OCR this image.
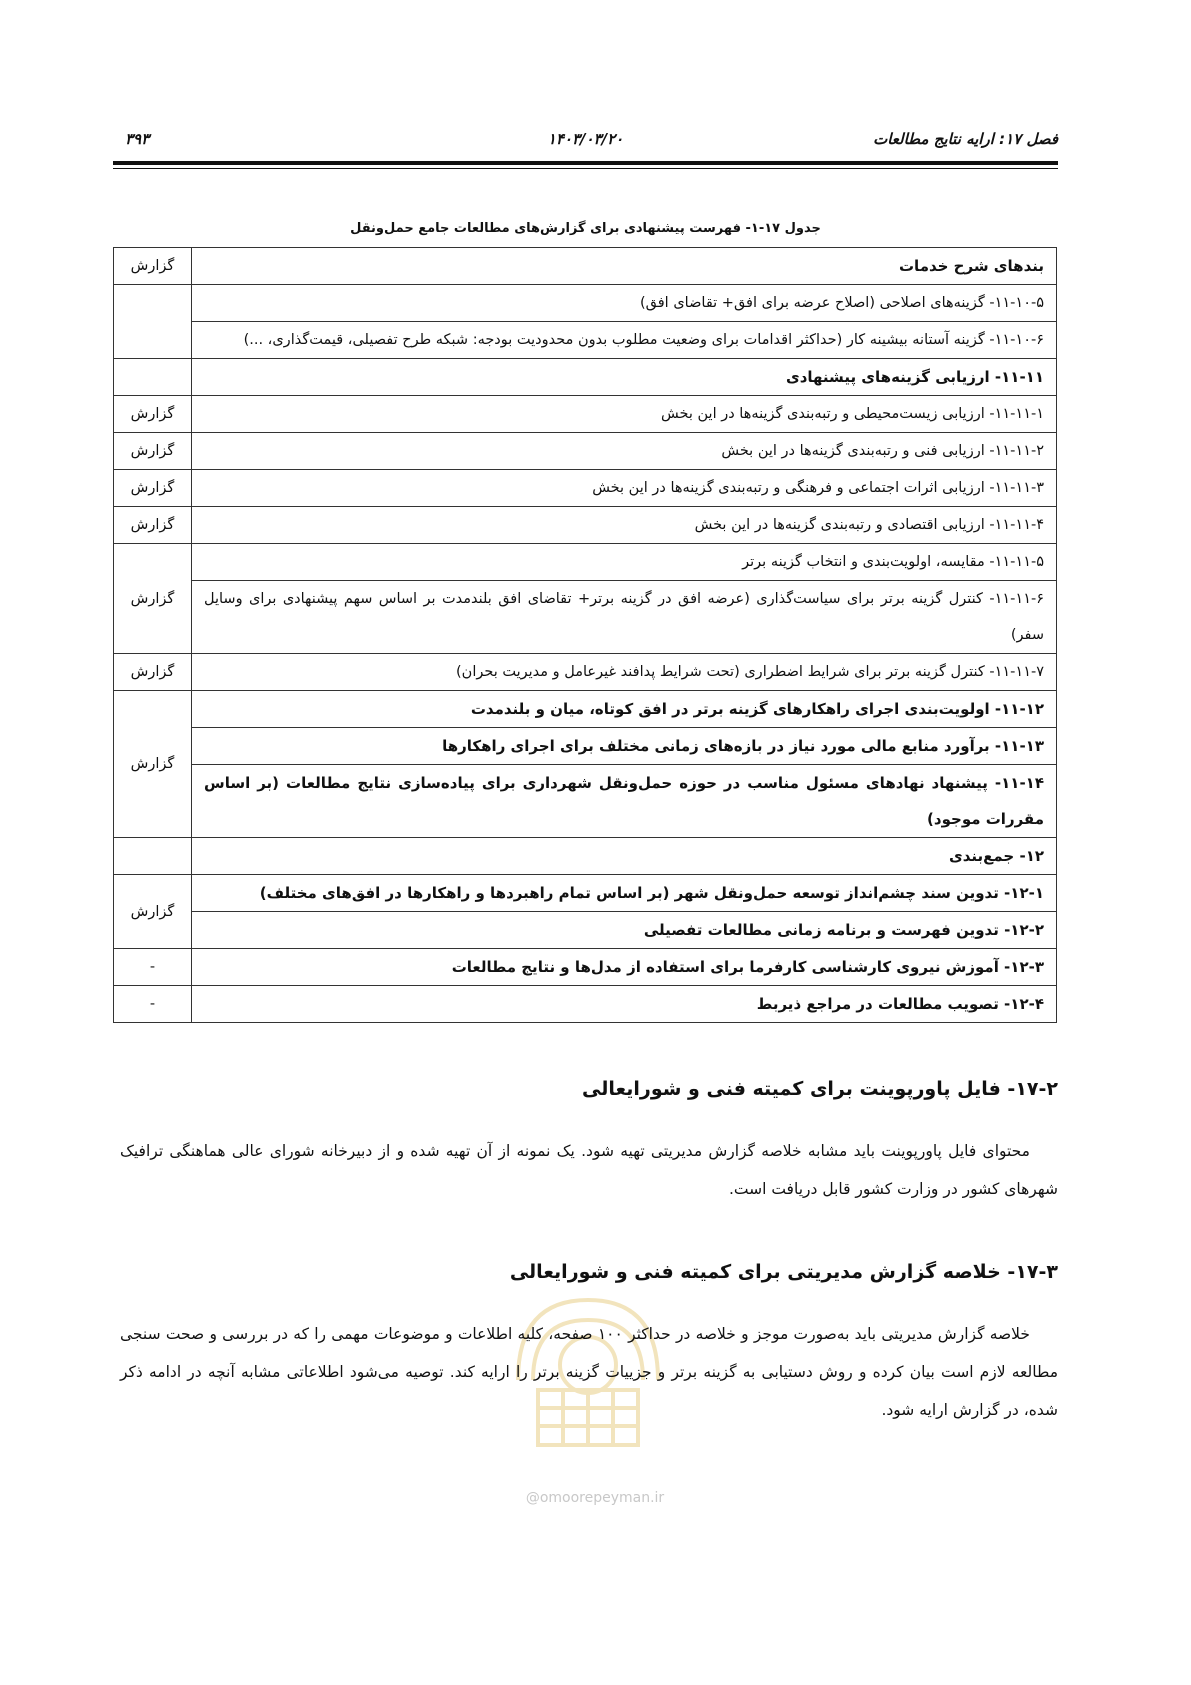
فصل ۱۷: ارایه نتایج مطالعات
۱۴۰۳/۰۳/۲۰
۳۹۳
جدول ۱۷-۱- فهرست پیشنهادی برای گزارش‌های مطالعات جامع حمل‌ونقل
بندهای شرح خدمات	گزارش
۱۱-۱۰-۵- گزینه‌های اصلاحی (اصلاح عرضه برای افق+ تقاضای افق)	
۱۱-۱۰-۶- گزینه آستانه بیشینه کار (حداکثر اقدامات برای وضعیت مطلوب بدون محدودیت بودجه: شبکه طرح تفصیلی، قیمت‌گذاری، ...)	
۱۱-۱۱- ارزیابی گزینه‌های پیشنهادی	
۱۱-۱۱-۱- ارزیابی زیست‌محیطی و رتبه‌بندی گزینه‌ها در این بخش	گزارش
۱۱-۱۱-۲- ارزیابی فنی و رتبه‌بندی گزینه‌ها در این بخش	گزارش
۱۱-۱۱-۳- ارزیابی اثرات اجتماعی و فرهنگی و رتبه‌بندی گزینه‌ها در این بخش	گزارش
۱۱-۱۱-۴- ارزیابی اقتصادی و رتبه‌بندی گزینه‌ها در این بخش	گزارش
۱۱-۱۱-۵- مقایسه، اولویت‌بندی و انتخاب گزینه برتر	گزارش
۱۱-۱۱-۶- کنترل گزینه برتر برای سیاست‌گذاری (عرضه افق در گزینه برتر+ تقاضای افق بلندمدت بر اساس سهم پیشنهادی برای وسایل سفر)	
۱۱-۱۱-۷- کنترل گزینه برتر برای شرایط اضطراری (تحت شرایط پدافند غیرعامل و مدیریت بحران)	گزارش
۱۱-۱۲- اولویت‌بندی اجرای راهکارهای گزینه برتر در افق کوتاه، میان و بلندمدت	گزارش
۱۱-۱۳- برآورد منابع مالی مورد نیاز در بازه‌های زمانی مختلف برای اجرای راهکارها	
۱۱-۱۴- پیشنهاد نهادهای مسئول مناسب در حوزه حمل‌ونقل شهرداری برای پیاده‌سازی نتایج مطالعات (بر اساس مقررات موجود)	
۱۲- جمع‌بندی	
۱۲-۱- تدوین سند چشم‌انداز توسعه حمل‌ونقل شهر (بر اساس تمام راهبردها و راهکارها در افق‌های مختلف)	گزارش
۱۲-۲- تدوین فهرست و برنامه زمانی مطالعات تفصیلی	
۱۲-۳- آموزش نیروی کارشناسی کارفرما برای استفاده از مدل‌ها و نتایج مطالعات	-
۱۲-۴- تصویب مطالعات در مراجع ذیربط	-
۱۷-۲- فایل پاورپوینت برای کمیته فنی و شورایعالی
محتوای فایل پاورپوینت باید مشابه خلاصه گزارش مدیریتی تهیه شود. یک نمونه از آن تهیه شده و از دبیرخانه شورای عالی هماهنگی ترافیک شهرهای کشور در وزارت کشور قابل دریافت است.
۱۷-۳- خلاصه گزارش مدیریتی برای کمیته فنی و شورایعالی
خلاصه گزارش مدیریتی باید به‌صورت موجز و خلاصه در حداکثر ۱۰۰ صفحه، کلیه اطلاعات و موضوعات مهمی را که در بررسی و صحت سنجی مطالعه لازم است بیان کرده و روش دستیابی به گزینه برتر و جزییات گزینه برتر را ارایه کند. توصیه می‌شود اطلاعاتی مشابه آنچه در ادامه ذکر شده، در گزارش ارایه شود.
@omoorepeyman.ir
